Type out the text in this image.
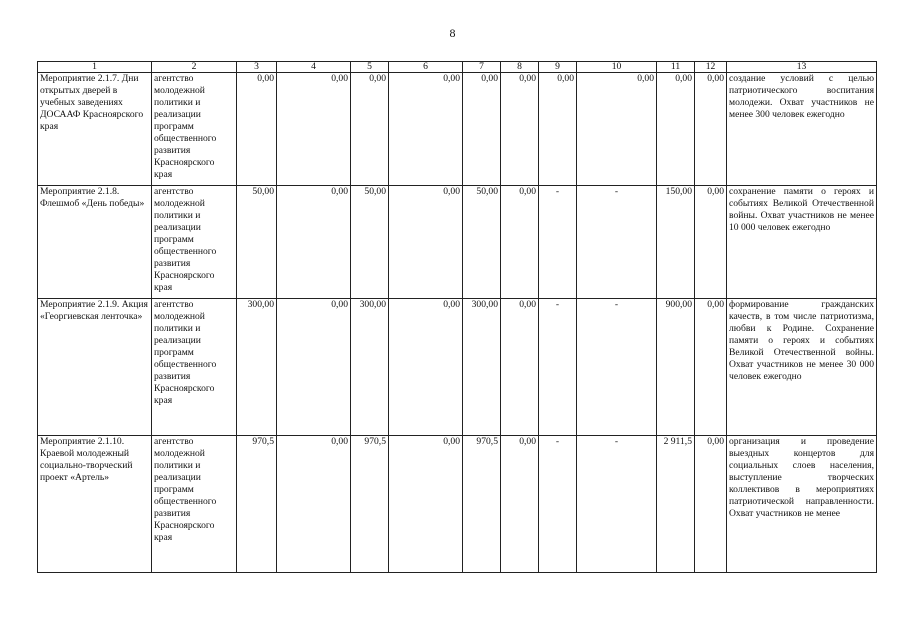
8
1	2	3	4	5	6	7	8	9	10	11	12	13
Мероприятие 2.1.7. Дни открытых дверей в учебных заведениях ДОСААФ Красноярского края	агентство молодежной политики и реализации программ общественного развития Красноярского края	0,00	0,00	0,00	0,00	0,00	0,00	0,00	0,00	0,00	0,00	создание условий с целью патриотического воспитания молодежи. Охват участников не менее 300 человек ежегодно
Мероприятие 2.1.8. Флешмоб «День победы»	агентство молодежной политики и реализации программ общественного развития Красноярского края	50,00	0,00	50,00	0,00	50,00	0,00	-	-	150,00	0,00	сохранение памяти о героях и событиях Великой Отечественной войны. Охват участников не менее 10 000 человек ежегодно
Мероприятие 2.1.9. Акция «Георгиевская ленточка»	агентство молодежной политики и реализации программ общественного развития Красноярского края	300,00	0,00	300,00	0,00	300,00	0,00	-	-	900,00	0,00	формирование гражданских качеств, в том числе патриотизма, любви к Родине. Сохранение памяти о героях и событиях Великой Отечественной войны. Охват участников не менее 30 000 человек ежегодно
Мероприятие 2.1.10. Краевой молодежный социально-творческий проект «Артель»	агентство молодежной политики и реализации программ общественного развития Красноярского края	970,5	0,00	970,5	0,00	970,5	0,00	-	-	2 911,5	0,00	организация и проведение выездных концертов для социальных слоев населения, выступление творческих коллективов в мероприятиях патриотической направленности. Охват участников не менее
